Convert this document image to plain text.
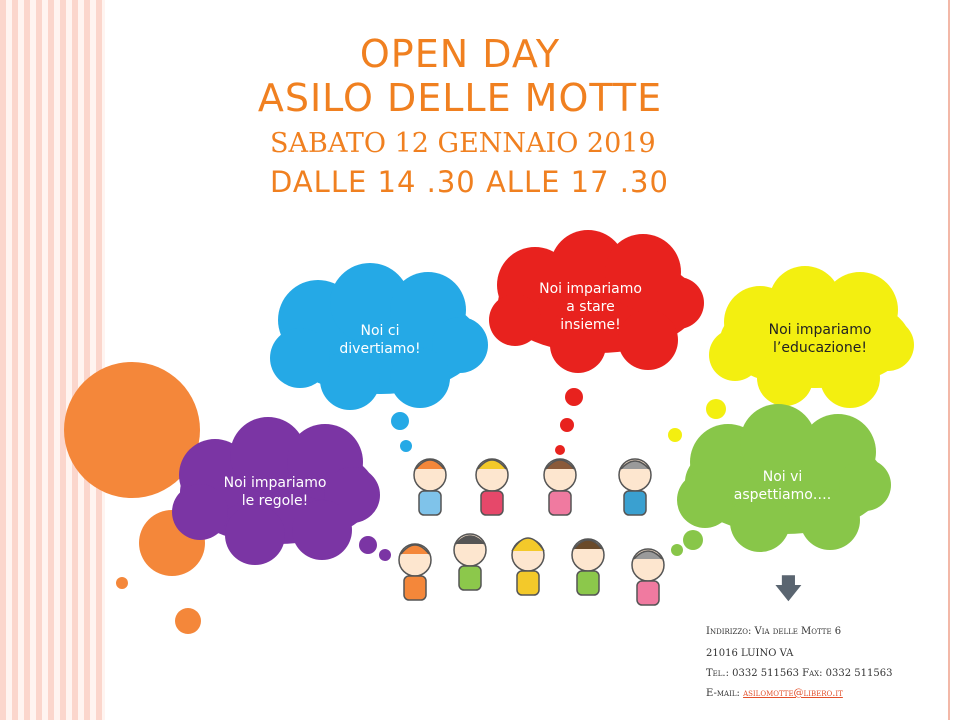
OPEN DAY
ASILO DELLE MOTTE
SABATO 12 GENNAIO 2019
DALLE 14 .30 ALLE 17 .30
Noi ci
divertiamo!
Noi impariamo
a stare
insieme!	Noi impariamo
l’educazione!
Noi impariamo
le regole!
Noi vi
aspettiamo….
🡇
Indirizzo: Via delle Motte 6
21016 LUINO VA
Tel.: 0332 511563 Fax: 0332 511563
E-mail: asilomotte@libero.it
